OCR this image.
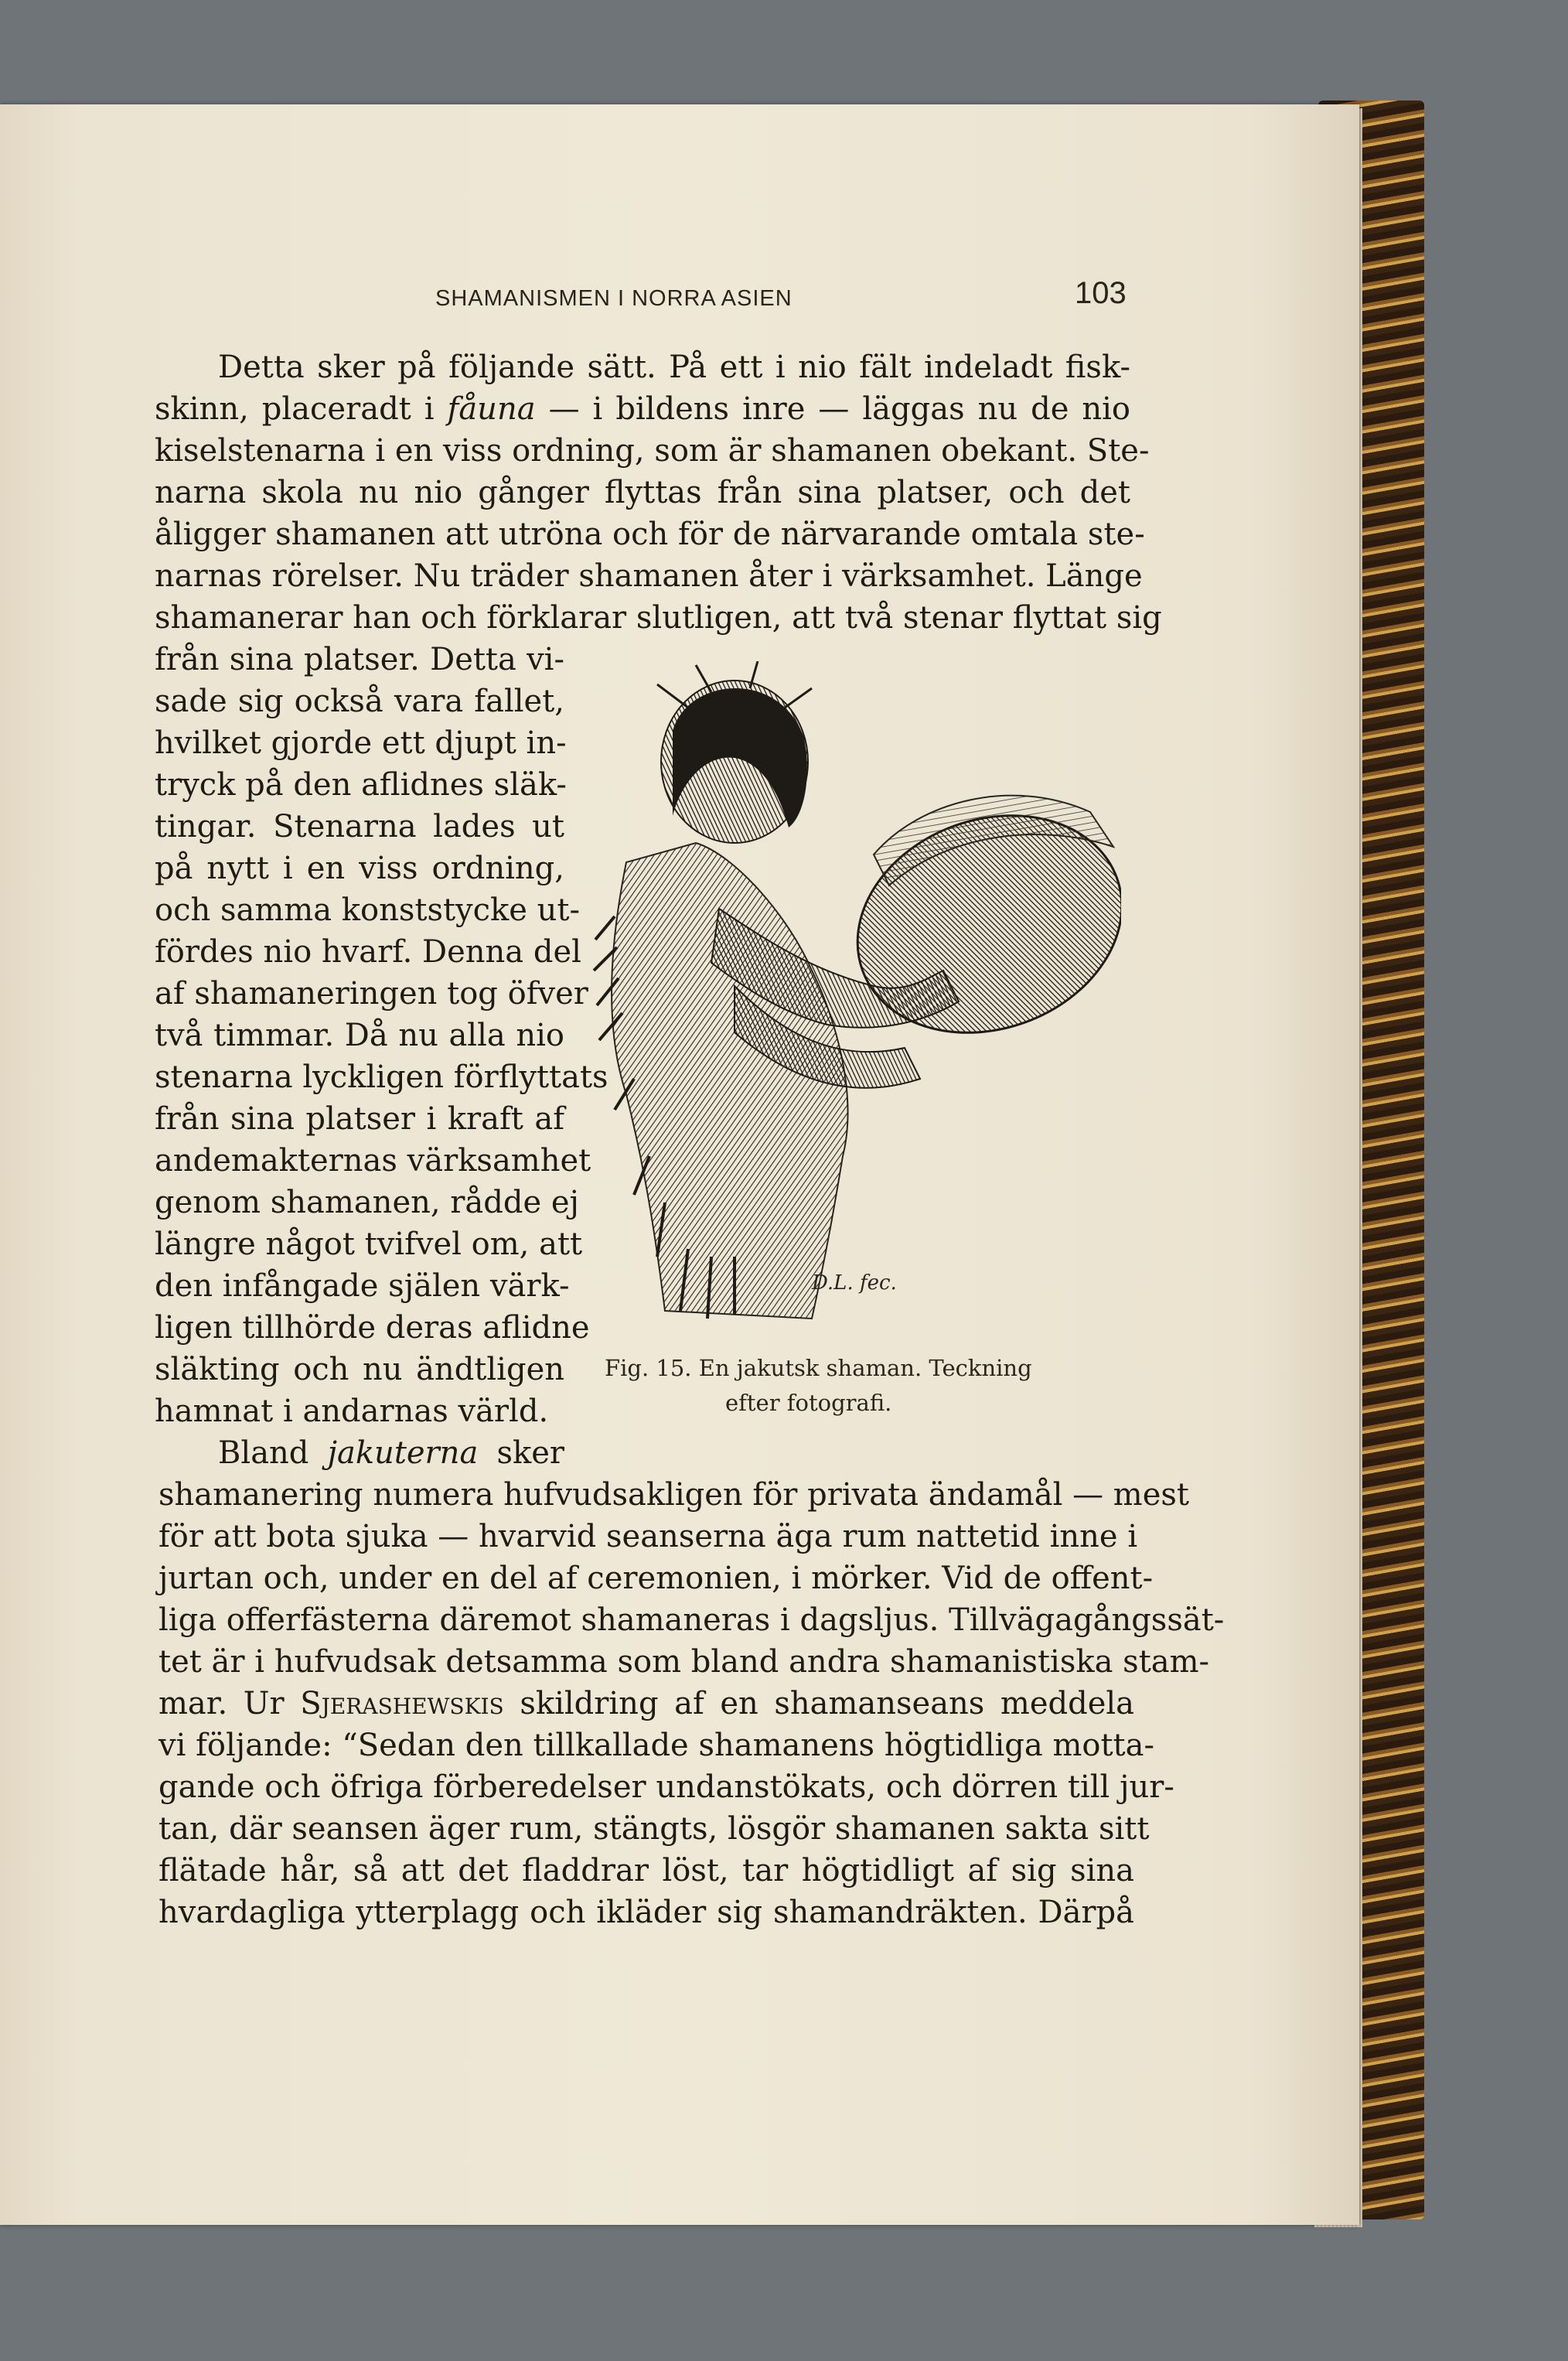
SHAMANISMEN I NORRA ASIEN	103
Detta sker på följande sätt. På ett i nio fält indeladt fisk-
skinn, placeradt i fåuna — i bildens inre — läggas nu de nio
kiselstenarna i en viss ordning, som är shamanen obekant. Ste-
narna skola nu nio gånger flyttas från sina platser, och det
åligger shamanen att utröna och för de närvarande omtala ste-
narnas rörelser. Nu träder shamanen åter i värksamhet. Länge
shamanerar han och förklarar slutligen, att två stenar flyttat sig
från sina platser. Detta vi-
sade sig också vara fallet,
hvilket gjorde ett djupt in-
tryck på den aflidnes släk-
tingar. Stenarna lades ut
på nytt i en viss ordning,
och samma konststycke ut-
fördes nio hvarf. Denna del
af shamaneringen tog öfver
två timmar. Då nu alla nio
stenarna lyckligen förflyttats
från sina platser i kraft af
andemakternas värksamhet
genom shamanen, rådde ej
längre något tvifvel om, att
den infångade själen värk-
ligen tillhörde deras aflidne
släkting och nu ändtligen
hamnat i andarnas värld.
Bland jakuterna sker
shamanering numera hufvudsakligen för privata ändamål — mest
för att bota sjuka — hvarvid seanserna äga rum nattetid inne i
jurtan och, under en del af ceremonien, i mörker. Vid de offent-
liga offerfästerna däremot shamaneras i dagsljus. Tillvägagångssät-
tet är i hufvudsak detsamma som bland andra shamanistiska stam-
mar. Ur Sjerashewskis skildring af en shamanseans meddela
vi följande: “Sedan den tillkallade shamanens högtidliga motta-
gande och öfriga förberedelser undanstökats, och dörren till jur-
tan, där seansen äger rum, stängts, lösgör shamanen sakta sitt
flätade hår, så att det fladdrar löst, tar högtidligt af sig sina
hvardagliga ytterplagg och ikläder sig shamandräkten. Därpå
D.L. fec.
Fig. 15. En jakutsk shaman. Teckning
efter fotografi.
